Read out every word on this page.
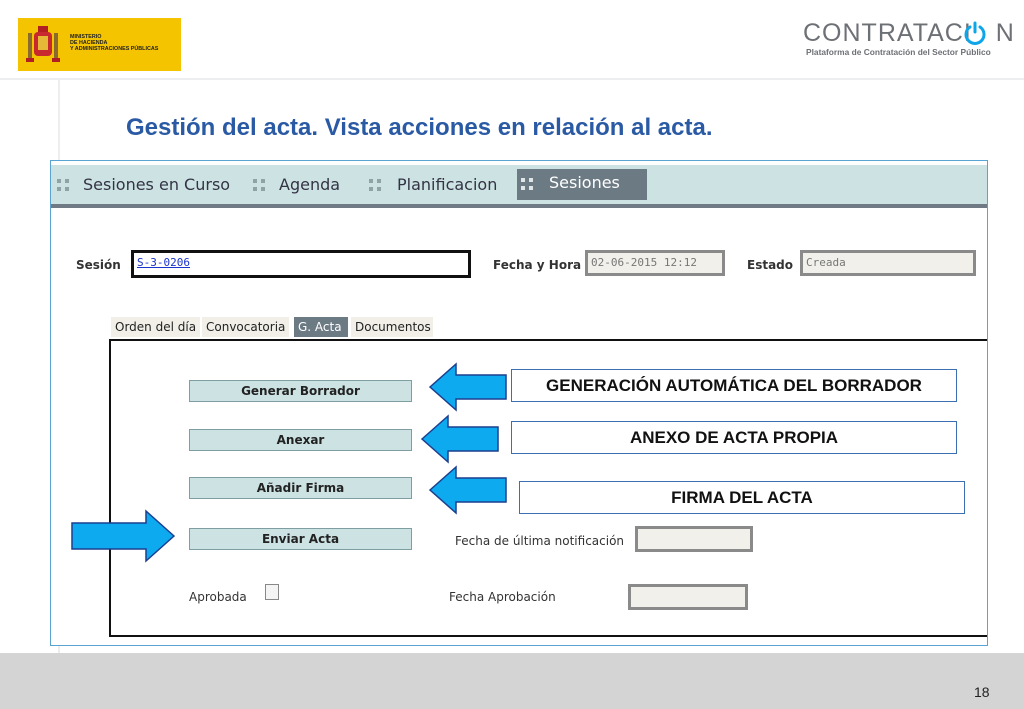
MINISTERIO
DE HACIENDA
Y ADMINISTRACIONES PÚBLICAS
CONTRATACI N
Plataforma de Contratación del Sector Público
Gestión del acta. Vista acciones en relación al acta.
Sesiones en Curso	Agenda	Planificacion	Sesiones
Sesión S-3-0206	Fecha y Hora 02-06-2015 12:12	Estado	Creada
Orden del día Convocatoria	G. Acta	Documentos
Generar Borrador
Anexar
Añadir Firma
Enviar Acta	Fecha de última notificación
Aprobada	Fecha Aprobación
GENERACIÓN AUTOMÁTICA DEL BORRADOR
ANEXO DE ACTA PROPIA
FIRMA DEL ACTA
18
